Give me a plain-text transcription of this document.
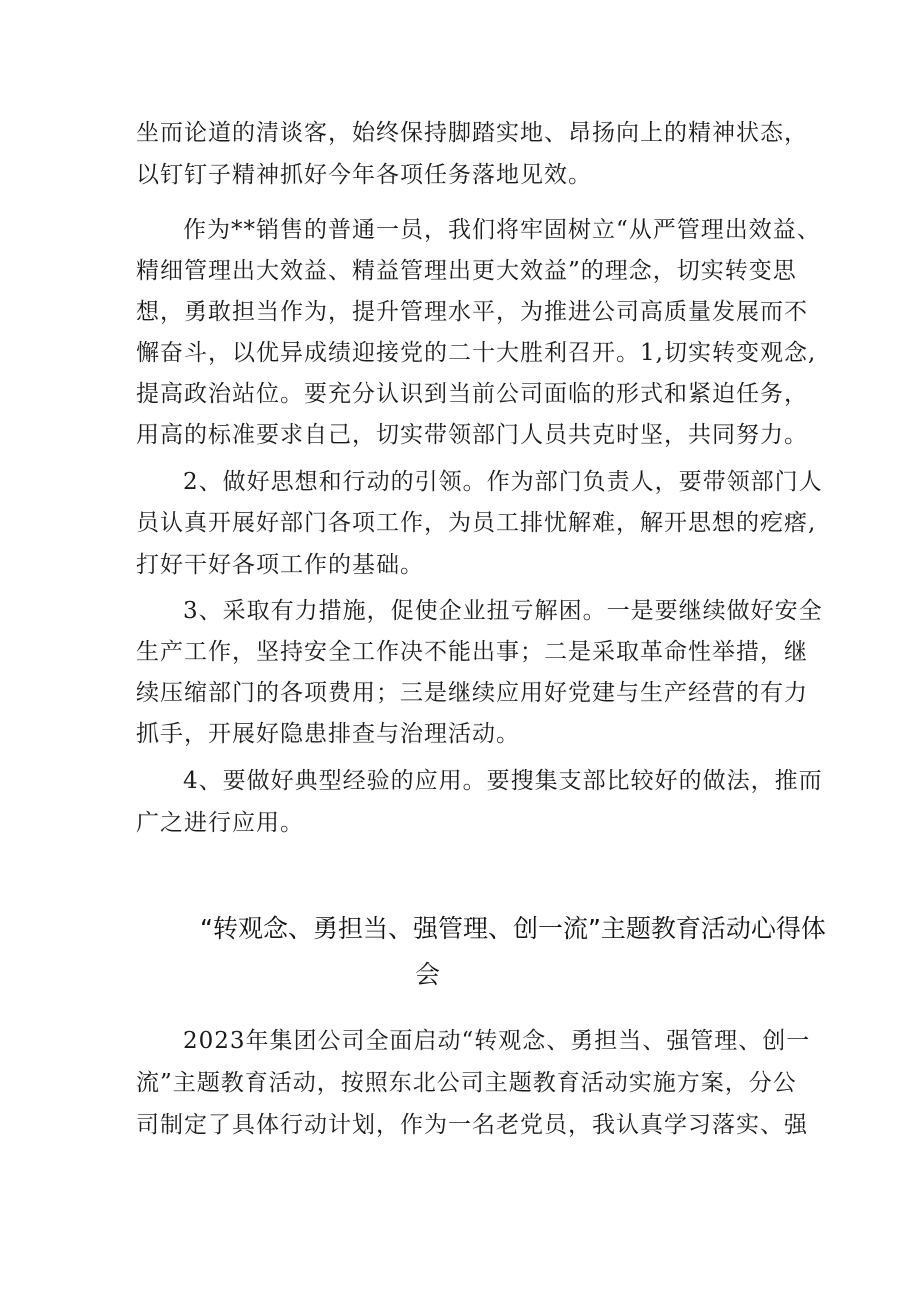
坐而论道的清谈客，始终保持脚踏实地、昂扬向上的精神状态，
以钉钉子精神抓好今年各项任务落地见效。
作为**销售的普通一员，我们将牢固树立“从严管理出效益、
精细管理出大效益、精益管理出更大效益”的理念，切实转变思
想，勇敢担当作为，提升管理水平，为推进公司高质量发展而不
懈奋斗，以优异成绩迎接党的二十大胜利召开。1,切实转变观念,
提高政治站位。要充分认识到当前公司面临的形式和紧迫任务，
用高的标准要求自己，切实带领部门人员共克时坚，共同努力。
2、做好思想和行动的引领。作为部门负责人，要带领部门人
员认真开展好部门各项工作，为员工排忧解难，解开思想的疙瘩,
打好干好各项工作的基础。
3、采取有力措施，促使企业扭亏解困。一是要继续做好安全
生产工作，坚持安全工作决不能出事；二是采取革命性举措，继
续压缩部门的各项费用；三是继续应用好党建与生产经营的有力
抓手，开展好隐患排查与治理活动。
4、要做好典型经验的应用。要搜集支部比较好的做法，推而
广之进行应用。
“转观念、勇担当、强管理、创一流”主题教育活动心得体
会
2023年集团公司全面启动“转观念、勇担当、强管理、创一
流”主题教育活动，按照东北公司主题教育活动实施方案，分公
司制定了具体行动计划，作为一名老党员，我认真学习落实、强
